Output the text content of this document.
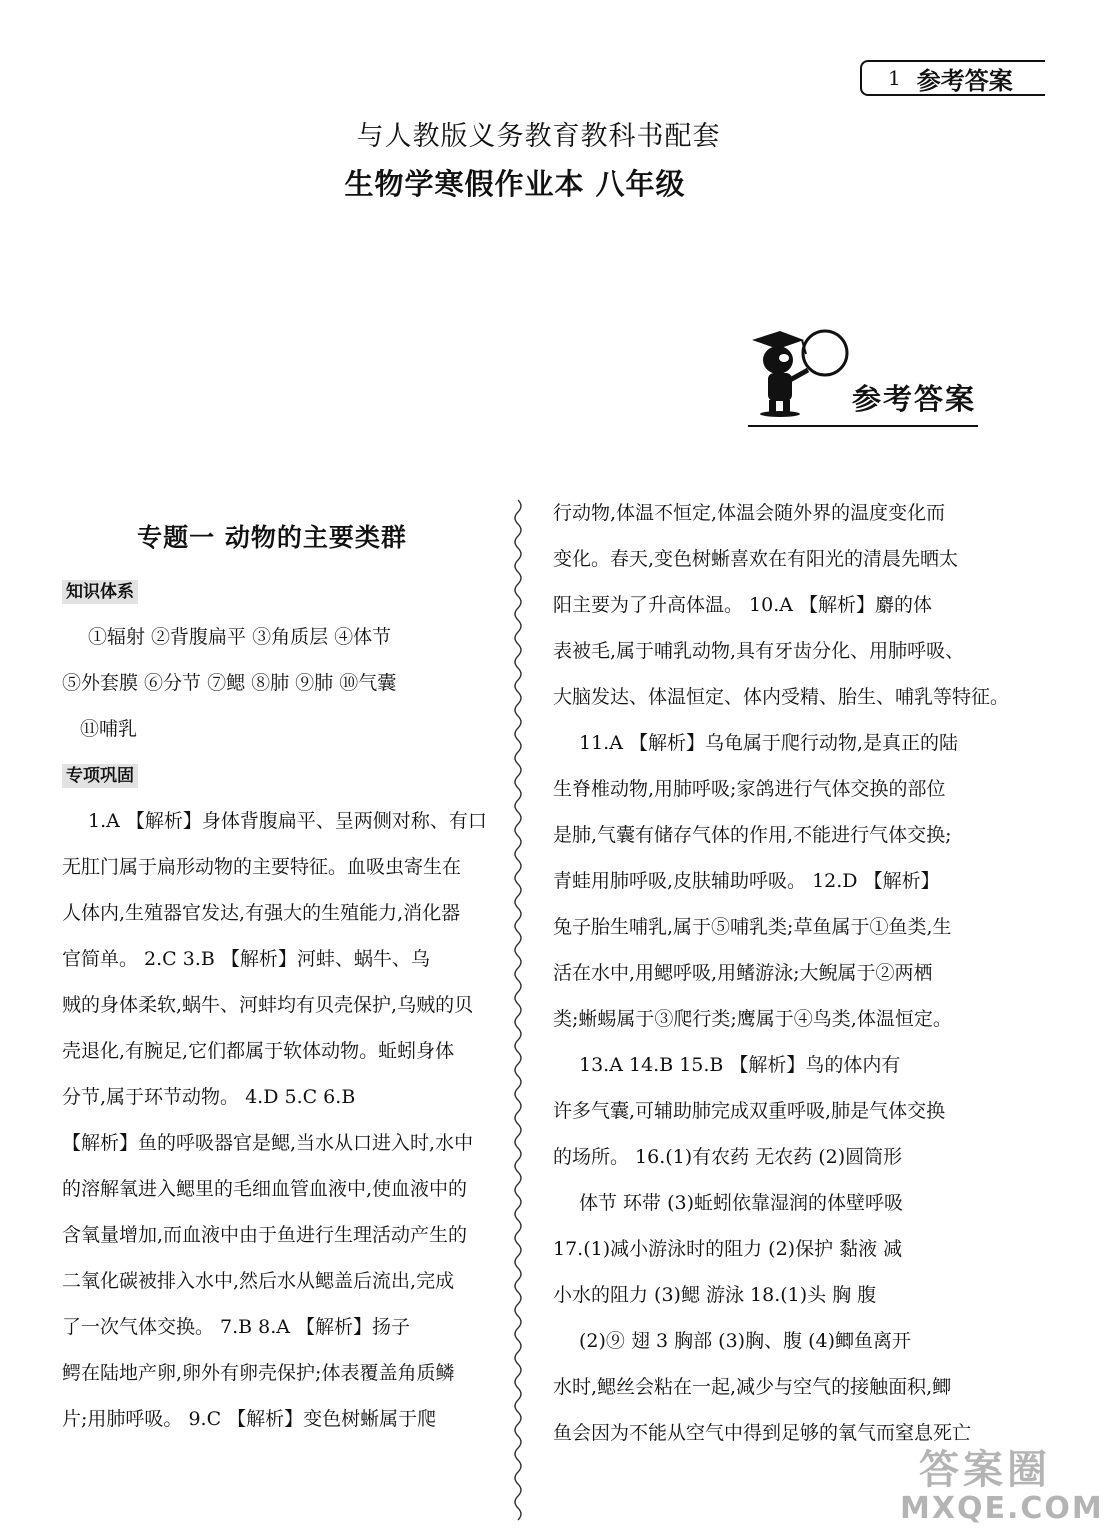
1 参考答案
与人教版义务教育教科书配套
生物学寒假作业本 八年级
参考答案
专题一 动物的主要类群
知识体系
①辐射 ②背腹扁平 ③角质层 ④体节
⑤外套膜 ⑥分节 ⑦鳃 ⑧肺 ⑨肺 ⑩气囊
⑪哺乳
专项巩固
1.A 【解析】身体背腹扁平、呈两侧对称、有口
无肛门属于扁形动物的主要特征。血吸虫寄生在
人体内,生殖器官发达,有强大的生殖能力,消化器
官简单。 2.C 3.B 【解析】河蚌、蜗牛、乌
贼的身体柔软,蜗牛、河蚌均有贝壳保护,乌贼的贝
壳退化,有腕足,它们都属于软体动物。蚯蚓身体
分节,属于环节动物。 4.D 5.C 6.B
【解析】鱼的呼吸器官是鳃,当水从口进入时,水中
的溶解氧进入鳃里的毛细血管血液中,使血液中的
含氧量增加,而血液中由于鱼进行生理活动产生的
二氧化碳被排入水中,然后水从鳃盖后流出,完成
了一次气体交换。 7.B 8.A 【解析】扬子
鳄在陆地产卵,卵外有卵壳保护;体表覆盖角质鳞
片;用肺呼吸。 9.C 【解析】变色树蜥属于爬
行动物,体温不恒定,体温会随外界的温度变化而
变化。春天,变色树蜥喜欢在有阳光的清晨先晒太
阳主要为了升高体温。 10.A 【解析】麝的体
表被毛,属于哺乳动物,具有牙齿分化、用肺呼吸、
大脑发达、体温恒定、体内受精、胎生、哺乳等特征。
11.A 【解析】乌龟属于爬行动物,是真正的陆
生脊椎动物,用肺呼吸;家鸽进行气体交换的部位
是肺,气囊有储存气体的作用,不能进行气体交换;
青蛙用肺呼吸,皮肤辅助呼吸。 12.D 【解析】
兔子胎生哺乳,属于⑤哺乳类;草鱼属于①鱼类,生
活在水中,用鳃呼吸,用鳍游泳;大鲵属于②两栖
类;蜥蜴属于③爬行类;鹰属于④鸟类,体温恒定。
13.A 14.B 15.B 【解析】鸟的体内有
许多气囊,可辅助肺完成双重呼吸,肺是气体交换
的场所。 16.(1)有农药 无农药 (2)圆筒形
体节 环带 (3)蚯蚓依靠湿润的体壁呼吸
17.(1)减小游泳时的阻力 (2)保护 黏液 减
小水的阻力 (3)鳃 游泳 18.(1)头 胸 腹
(2)⑨ 翅 3 胸部 (3)胸、腹 (4)鲫鱼离开
水时,鳃丝会粘在一起,减少与空气的接触面积,鲫
鱼会因为不能从空气中得到足够的氧气而窒息死亡
答案圈
MXQE.COM
